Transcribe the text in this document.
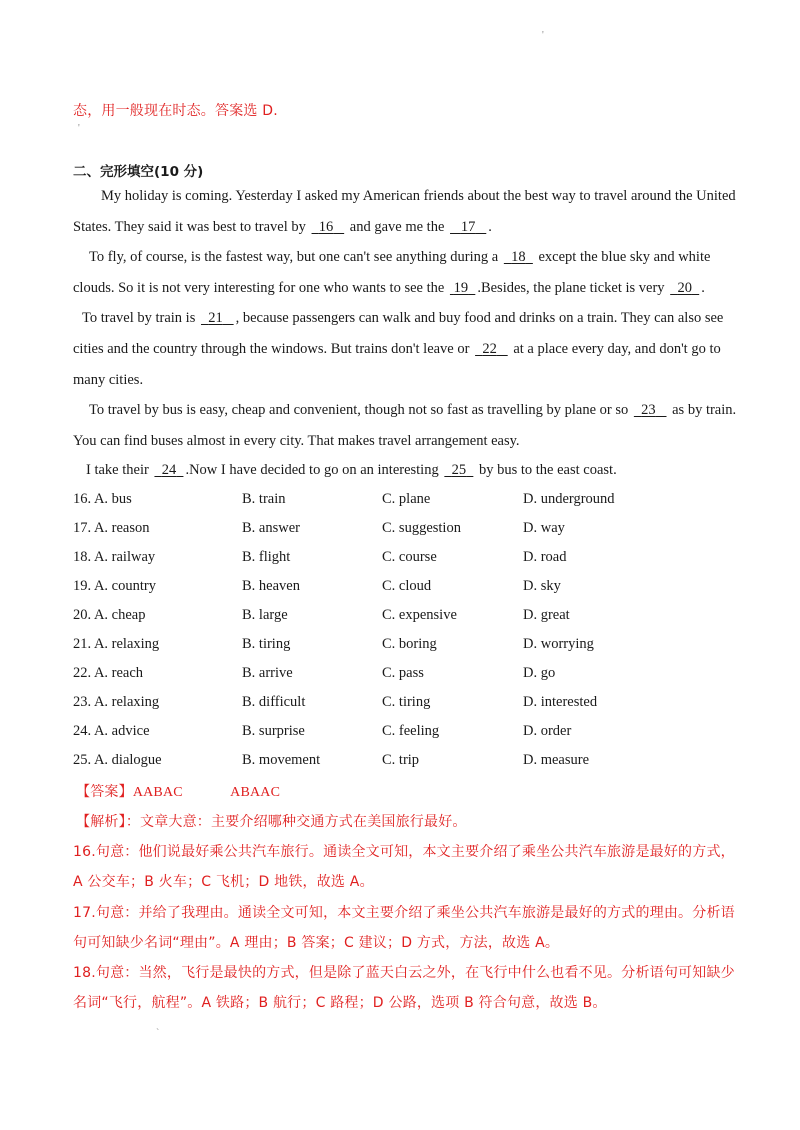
'
态，用一般现在时态。答案选 D.
'
二、完形填空(10 分)
My holiday is coming. Yesterday I asked my American friends about the best way to travel around the United
States. They said it was best to travel by   16    and gave me the    17 .
To fly, of course, is the fastest way, but one can't see anything during a   18   except the blue sky and white
clouds. So it is not very interesting for one who wants to see the  19 .Besides, the plane ticket is very   20 .
To travel by train is   21 , because passengers can walk and buy food and drinks on a train. They can also see
cities and the country through the windows. But trains don't leave or   22    at a place every day, and don't go to
many cities.
To travel by bus is easy, cheap and convenient, though not so fast as travelling by plane or so   23    as by train.
You can find buses almost in every city. That makes travel arrangement easy.
I take their   24 .Now I have decided to go on an interesting   25   by bus to the east coast.
16. A. bus	B. train	C. plane	D. underground
17. A. reason	B. answer	C. suggestion	D. way
18. A. railway	B. flight	C. course	D. road
19. A. country	B. heaven	C. cloud	D. sky
20. A. cheap	B. large	C. expensive	D. great
21. A. relaxing	B. tiring	C. boring	D. worrying
22. A. reach	B. arrive	C. pass	D. go
23. A. relaxing	B. difficult	C. tiring	D. interested
24. A. advice	B. surprise	C. feeling	D. order
25. A. dialogue	B. movement	C. trip	D. measure
【答案】AABAC	ABAAC
【解析】：文章大意：主要介绍哪种交通方式在美国旅行最好。
16.句意：他们说最好乘公共汽车旅行。通读全文可知，本文主要介绍了乘坐公共汽车旅游是最好的方式，
A 公交车；B 火车；C 飞机；D 地铁，故选 A。
17.句意：并给了我理由。通读全文可知，本文主要介绍了乘坐公共汽车旅游是最好的方式的理由。分析语
句可知缺少名词“理由”。A 理由；B 答案；C 建议；D 方式，方法，故选 A。
18.句意：当然，飞行是最快的方式，但是除了蓝天白云之外，在飞行中什么也看不见。分析语句可知缺少
名词“飞行，航程”。A 铁路；B 航行；C 路程；D 公路，选项 B 符合句意，故选 B。
`
